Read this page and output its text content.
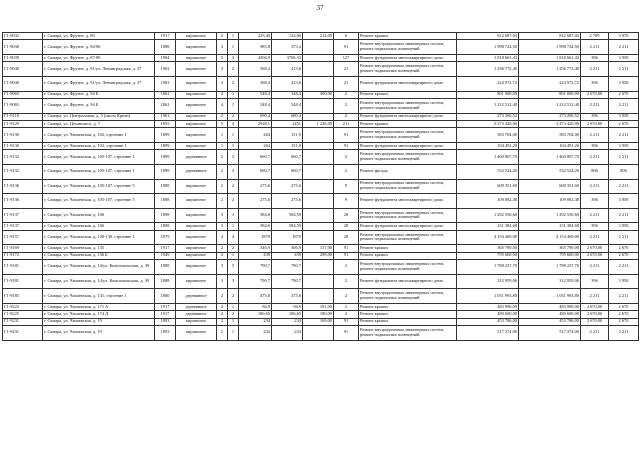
37
Г1-9032	г. Самара, ул. Фрунзе, д. 80	1917	кирпичное	2	1	225,40	124,00	214,00	6	Ремонт крыши	812 687,04	812 687,04	2 789	3 970
Г1-9038	г. Самара, ул. Фрунзе, д. 84-86	1888	кирпичное	3	1	985,8	573,4		91	Ремонт внутридомовых инженерных систем, ремонт подвальных помещений	1 998 724,50	1 998 724,50	2 211	2 211
Г1-9039	г. Самара, ул. Фрунзе, д. 87-89	1904	кирпичное	5	3	4394,9	3706,33		127	Ремонт фундамента многоквартирного дома	1 818 661,43	1 818 661,43	396	3 958
Г1-9040	г. Самара, ул. Фрунзе, д. 91/ул. Ленинградская, д. 37	1902	кирпичное	3	2	568,4	413,6		21	Ремонт внутридомовых инженерных систем, ремонт подвальных помещений	1 256 772,40	1 256 772,40	2 211	2 211
Г1-9040	г. Самара, ул. Фрунзе, д. 91/ул. Ленинградская, д. 37	1902	кирпичное	3	2	568,4	413,6		21	Ремонт фундамента многоквартирного дома	224 972,72	224 972,72	396	3 958
Г1-9065	г. Самара, ул. Фрунзе, д. 94 Б	1862	кирпичное	4	1	548,4	548,4	300,00	2	Ремонт крыши	801 000,00	801 000,00	2 670,00	2 670
Г1-9065	г. Самара, ул. Фрунзе, д. 94 Б	1862	кирпичное	4	1	548,4	548,4		2	Ремонт внутридомовых инженерных систем, ремонт подвальных помещений	1 212 512,40	1 212 512,40	2 211	2 211
Г1-9118	г. Самара, ул. Центральная, д. 5 (около Кризи)	1961	кирпичное	2	2	690,4	680,4		2	Ремонт фундамента многоквартирного дома	273 260,52	273 260,52	396	3 958
Г1-9129	г. Самара, ул. Цеханского, д. 7	1955	кирпичное	5	4	2928,1	2451	1 226,00	211	Ремонт крыши	3 273 420,00	3 273 420,00	2 670,00	2 670
Г1-9130	г. Самара, ул. Чапаевская, д. 102, строение 1	1899	кирпичное	1	1	264	151,9		91	Ремонт внутридомовых инженерных систем, ремонт подвальных помещений	583 704,00	583 704,00	2 211	2 211
Г1-9130	г. Самара, ул. Чапаевская, д. 102, строение 1	1899	кирпичное	1	1	264	151,9		91	Ремонт фундамента многоквартирного дома	104 491,20	104 491,20	396	3 958
Г1-9132	г. Самара, ул. Чапаевская, д. 105-107, строение 1	1889	деревянное	2	3	660,7	660,7		2	Ремонт внутридомовых инженерных систем, ремонт подвальных помещений	1 460 807,70	1 460 807,70	2 211	2 211
Г1-9132	г. Самара, ул. Чапаевская, д. 105-107, строение 1	1889	деревянное	2	3	660,7	660,7		2	Ремонт фасада	532 524,20	532 524,20	806	806
Г1-9136	г. Самара, ул. Чапаевская, д. 105-107, строение 5	1888	кирпичное	2	2	275,6	275,6		9	Ремонт внутридомовых инженерных систем, ремонт подвальных помещений	609 351,60	609 351,60	2 211	2 211
Г1-9136	г. Самара, ул. Чапаевская, д. 105-107, строение 5	1888	кирпичное	2	2	275,6	275,6		9	Ремонт фундамента многоквартирного дома	109 082,48	109 082,48	396	3 958
Г1-9137	г. Самара, ул. Чапаевская, д. 106	1898	кирпичное	3	1	584,6	584,59		28	Ремонт внутридомовых инженерных систем, ремонт подвальных помещений	1 292 550,60	1 292 550,60	2 211	2 211
Г1-9137	г. Самара, ул. Чапаевская, д. 106	1898	кирпичное	3	1	584,6	584,59		28	Ремонт фундамента многоквартирного дома	231 384,68	231 384,68	396	3 958
Г1-9157	г. Самара, ул. Чапаевская, д. 128-130, строение 1	1879	кирпичное	4	4	1879	1879		28	Ремонт внутридомовых инженерных систем, ремонт подвальных помещений	4 154 469,00	4 154 469,00	2 211	2 211
Г1-9169	г. Самара, ул. Чапаевская, д. 135	1917	кирпичное	2	2	346,9	306,9	137,00	91	Ремонт крыши	365 790,00	365 790,00	2 670,00	2 670
Г1-9172	г. Самара, ул. Чапаевская, д. 136 Б	1949	кирпичное	2	1	439	439	298,00	91	Ремонт крыши	795 660,00	795 660,00	2 670,00	2 670
Г1-9181	г. Самара, ул. Чапаевская, д. 14/ул. Комсомольская, д. 39	1888	кирпичное	3	3	790,7	790,7		2	Ремонт внутридомовых инженерных систем, ремонт подвальных помещений	1 788 237,70	1 788 237,70	2 211	2 211
Г1-9181	г. Самара, ул. Чапаевская, д. 14/ул. Комсомольская, д. 39	1888	кирпичное	3	3	790,7	790,7		2	Ремонт фундамента многоквартирного дома	312 959,06	312 959,06	396	3 958
Г1-9185	г. Самара, ул. Чапаевская, д. 141, строение 1	1880	деревянное	2	2	475,8	475,8		2	Ремонт внутридомовых инженерных систем, ремонт подвальных помещений	1 051 993,80	1 051 993,80	2 211	2 211
Г1-9223	г. Самара, ул. Чапаевская, д. 171 А	1917	деревянное	2	1	84,9	84,9	181,00	2	Ремонт крыши	483 990,00	483 990,00	2 670,00	2 670
Г1-9225	г. Самара, ул. Чапаевская, д. 174 Д	1917	деревянное	2	2	186,65	186,65	180,00	2	Ремонт крыши	480 600,00	480 600,00	2 670,00	2 670
Г1-9231	г. Самара, ул. Чапаевская, д. 19	1893	кирпичное	2	1	234	234	169,00	91	Ремонт крыши	453 786,00	453 786,00	2 670,00	2 670
Г1-9231	г. Самара, ул. Чапаевская, д. 19	1893	кирпичное	2	1	234	234		91	Ремонт внутридомовых инженерных систем, ремонт подвальных помещений	517 374,00	517 374,00	2 211	2 211
